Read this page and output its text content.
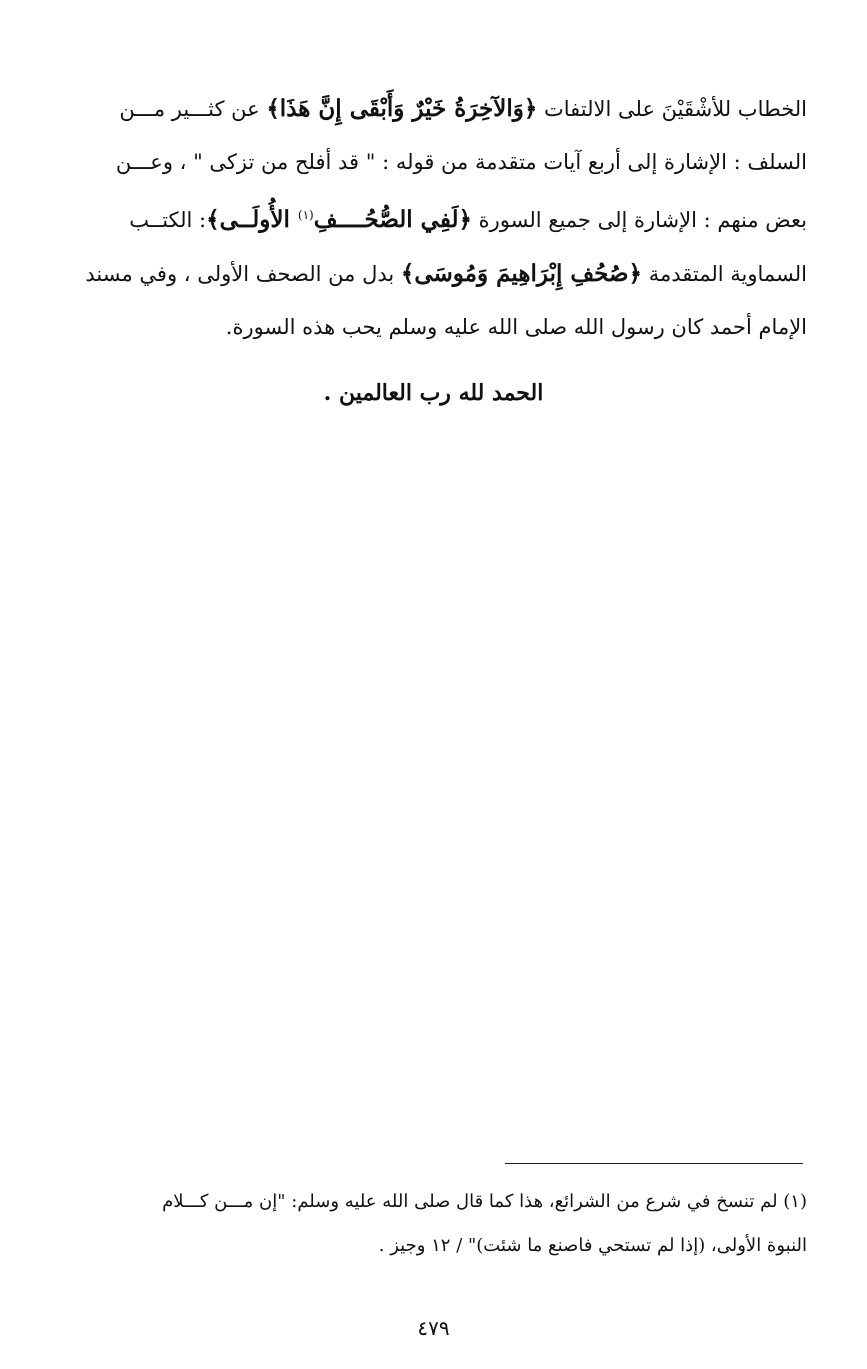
الخطاب للأشْقَيْنَ على الالتفات ﴿وَالآخِرَةُ خَيْرٌ وَأَبْقَى إِنَّ هَذَا﴾ عن كثـــير مـــن
السلف : الإشارة إلى أربع آيات متقدمة من قوله : " قد أفلح من تزكى " ، وعـــن
بعض منهم : الإشارة إلى جميع السورة ﴿لَفِي الصُّحُــــفِ$^{(١)}$ الأُولَــى﴾: الكتــب
السماوية المتقدمة ﴿صُحُفِ إِبْرَاهِيمَ وَمُوسَى﴾ بدل من الصحف الأولى ، وفي مسند
الإمام أحمد كان رسول الله صلى الله عليه وسلم يحب هذه السورة.

الحمد لله رب العالمين .

(١) لم تنسخ في شرع من الشرائع، هذا كما قال صلى الله عليه وسلم: "إن مـــن كـــلام
النبوة الأولى، (إذا لم تستحي فاصنع ما شئت)" / ١٢ وجيز .

٤٧٩
